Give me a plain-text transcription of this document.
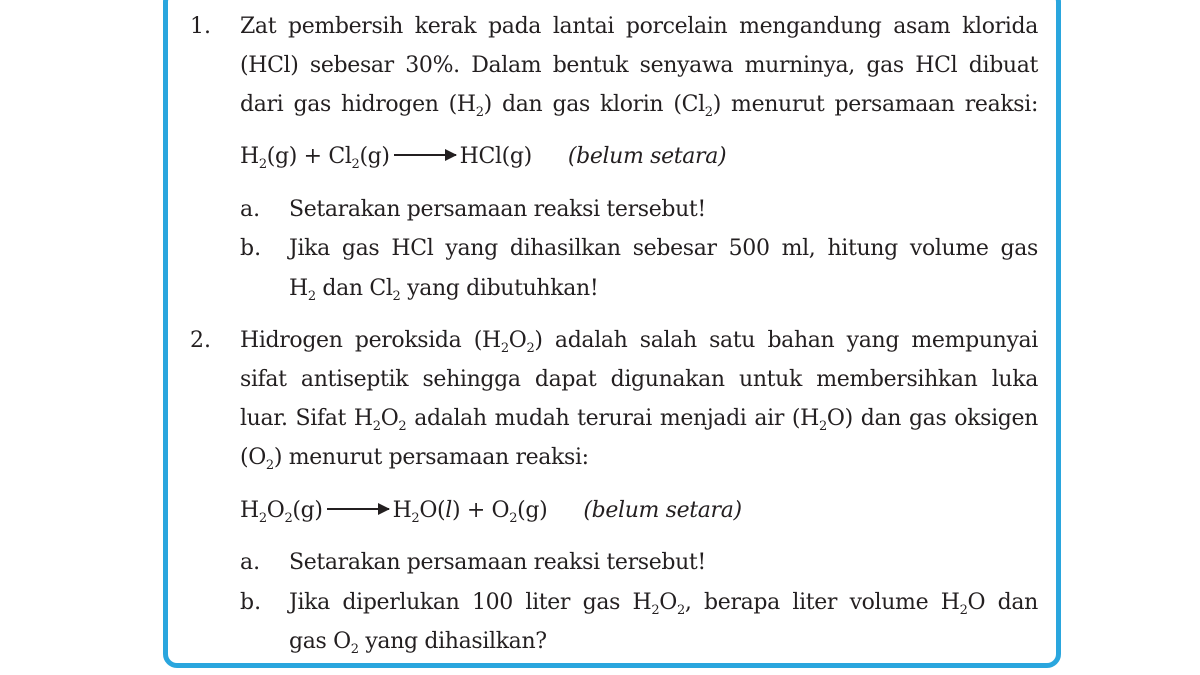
1. Zat pembersih kerak pada lantai porcelain mengandung asam klorida
(HCl) sebesar 30%. Dalam bentuk senyawa murninya, gas HCl dibuat
dari gas hidrogen $(H_2)$ dan gas klorin $(Cl_2)$ menurut persamaan reaksi:
$H_2(g) + Cl_2(g) \to HCl(g)$ (belum setara)
a. Setarakan persamaan reaksi tersebut!
b. Jika gas HCl yang dihasilkan sebesar 500 ml, hitung volume gas
$H_2$ dan $Cl_2$ yang dibutuhkan!
2. Hidrogen peroksida $(H_2O_2)$ adalah salah satu bahan yang mempunyai
sifat antiseptik sehingga dapat digunakan untuk membersihkan luka
luar. Sifat $H_2O_2$ adalah mudah terurai menjadi air $(H_2O)$ dan gas oksigen
$(O_2)$ menurut persamaan reaksi:
$H_2O_2(g) \to H_2O(l) + O_2(g)$ (belum setara)
a. Setarakan persamaan reaksi tersebut!
b. Jika diperlukan 100 liter gas $H_2O_2$, berapa liter volume $H_2O$ dan
gas $O_2$ yang dihasilkan?
